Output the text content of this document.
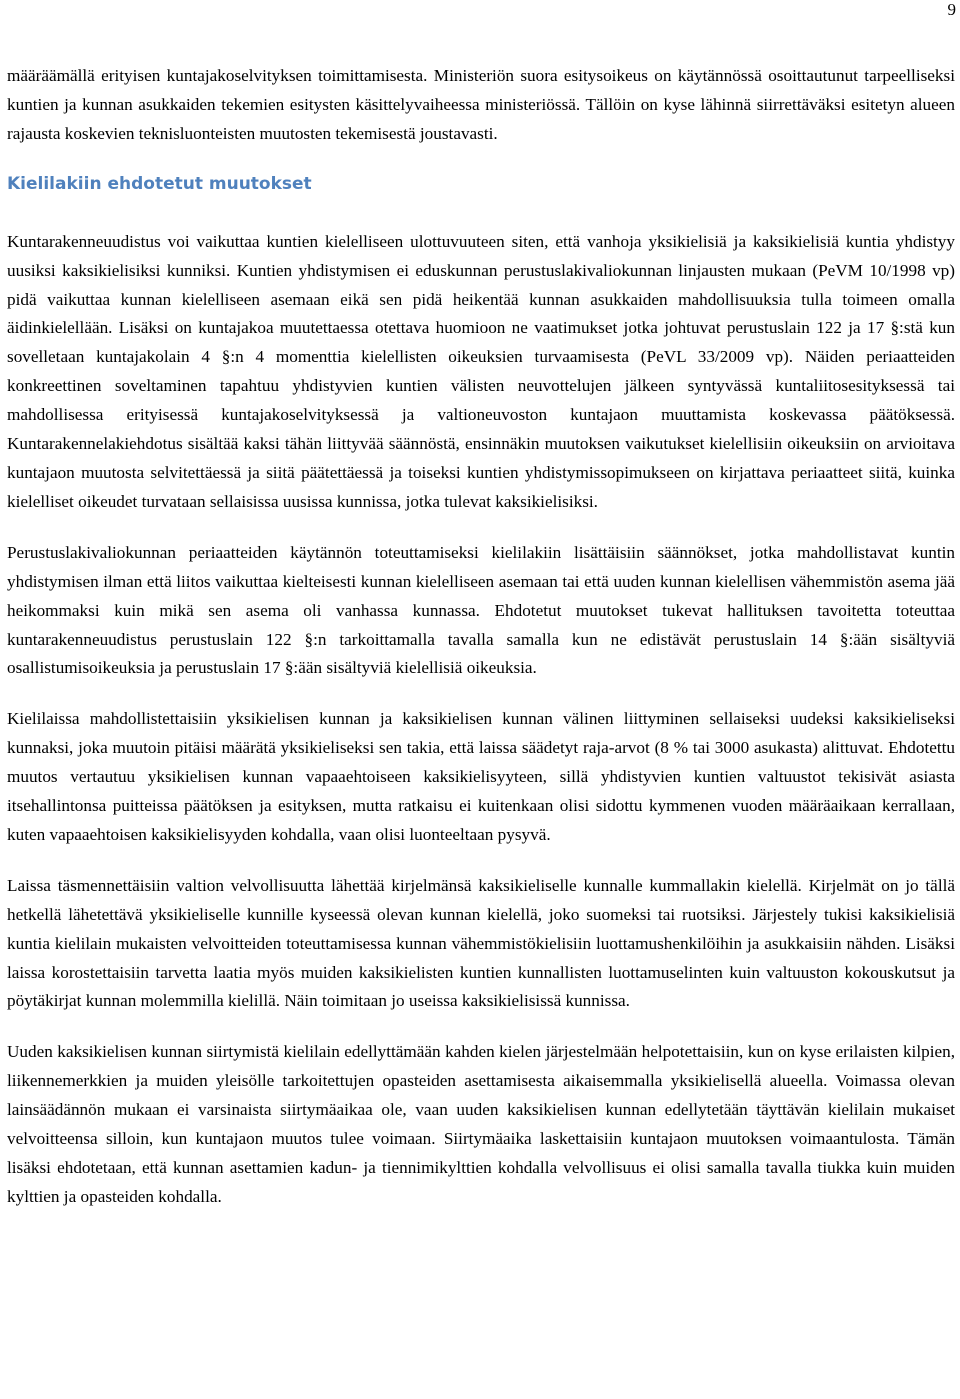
9

määräämällä erityisen kuntajakoselvityksen toimittamisesta. Ministeriön suora esitysoikeus on käytännössä osoittautunut tarpeelliseksi kuntien ja kunnan asukkaiden tekemien esitysten käsittelyvaiheessa ministeriössä. Tällöin on kyse lähinnä siirrettäväksi esitetyn alueen rajausta koskevien teknisluonteisten muutosten tekemisestä joustavasti.

Kielilakiin ehdotetut muutokset

Kuntarakenneuudistus voi vaikuttaa kuntien kielelliseen ulottuvuuteen siten, että vanhoja yksikielisiä ja kaksikielisiä kuntia yhdistyy uusiksi kaksikielisiksi kunniksi. Kuntien yhdistymisen ei eduskunnan perustuslakivaliokunnan linjausten mukaan (PeVM 10/1998 vp) pidä vaikuttaa kunnan kielelliseen asemaan eikä sen pidä heikentää kunnan asukkaiden mahdollisuuksia tulla toimeen omalla äidinkielellään. Lisäksi on kuntajakoa muutettaessa otettava huomioon ne vaatimukset jotka johtuvat perustuslain 122 ja 17 §:stä kun sovelletaan kuntajakolain 4 §:n 4 momenttia kielellisten oikeuksien turvaamisesta (PeVL 33/2009 vp). Näiden periaatteiden konkreettinen soveltaminen tapahtuu yhdistyvien kuntien välisten neuvottelujen jälkeen syntyvässä kuntaliitosesityksessä tai mahdollisessa erityisessä kuntajakoselvityksessä ja valtioneuvoston kuntajaon muuttamista koskevassa päätöksessä. Kuntarakennelakiehdotus sisältää kaksi tähän liittyvää säännöstä, ensinnäkin muutoksen vaikutukset kielellisiin oikeuksiin on arvioitava kuntajaon muutosta selvitettäessä ja siitä päätettäessä ja toiseksi kuntien yhdistymissopimukseen on kirjattava periaatteet siitä, kuinka kielelliset oikeudet turvataan sellaisissa uusissa kunnissa, jotka tulevat kaksikielisiksi.

Perustuslakivaliokunnan periaatteiden käytännön toteuttamiseksi kielilakiin lisättäisiin säännökset, jotka mahdollistavat kuntin yhdistymisen ilman että liitos vaikuttaa kielteisesti kunnan kielelliseen asemaan tai että uuden kunnan kielellisen vähemmistön asema jää heikommaksi kuin mikä sen asema oli vanhassa kunnassa. Ehdotetut muutokset tukevat hallituksen tavoitetta toteuttaa kuntarakenneuudistus perustuslain 122 §:n tarkoittamalla tavalla samalla kun ne edistävät perustuslain 14 §:ään sisältyviä osallistumisoikeuksia ja perustuslain 17 §:ään sisältyviä kielellisiä oikeuksia.

Kielilaissa mahdollistettaisiin yksikielisen kunnan ja kaksikielisen kunnan välinen liittyminen sellaiseksi uudeksi kaksikieliseksi kunnaksi, joka muutoin pitäisi määrätä yksikieliseksi sen takia, että laissa säädetyt raja-arvot (8 % tai 3000 asukasta) alittuvat. Ehdotettu muutos vertautuu yksikielisen kunnan vapaaehtoiseen kaksikielisyyteen, sillä yhdistyvien kuntien valtuustot tekisivät asiasta itsehallintonsa puitteissa päätöksen ja esityksen, mutta ratkaisu ei kuitenkaan olisi sidottu kymmenen vuoden määräaikaan kerrallaan, kuten vapaaehtoisen kaksikielisyyden kohdalla, vaan olisi luonteeltaan pysyvä.

Laissa täsmennettäisiin valtion velvollisuutta lähettää kirjelmänsä kaksikieliselle kunnalle kummallakin kielellä. Kirjelmät on jo tällä hetkellä lähetettävä yksikieliselle kunnille kyseessä olevan kunnan kielellä, joko suomeksi tai ruotsiksi. Järjestely tukisi kaksikielisiä kuntia kielilain mukaisten velvoitteiden toteuttamisessa kunnan vähemmistökielisiin luottamushenkilöihin ja asukkaisiin nähden. Lisäksi laissa korostettaisiin tarvetta laatia myös muiden kaksikielisten kuntien kunnallisten luottamuselinten kuin valtuuston kokouskutsut ja pöytäkirjat kunnan molemmilla kielillä. Näin toimitaan jo useissa kaksikielisissä kunnissa.

Uuden kaksikielisen kunnan siirtymistä kielilain edellyttämään kahden kielen järjestelmään helpotettaisiin, kun on kyse erilaisten kilpien, liikennemerkkien ja muiden yleisölle tarkoitettujen opasteiden asettamisesta aikaisemmalla yksikielisellä alueella. Voimassa olevan lainsäädännön mukaan ei varsinaista siirtymäaikaa ole, vaan uuden kaksikielisen kunnan edellytetään täyttävän kielilain mukaiset velvoitteensa silloin, kun kuntajaon muutos tulee voimaan. Siirtymäaika laskettaisiin kuntajaon muutoksen voimaantulosta. Tämän lisäksi ehdotetaan, että kunnan asettamien kadun- ja tiennimikylttien kohdalla velvollisuus ei olisi samalla tavalla tiukka kuin muiden kylttien ja opasteiden kohdalla.
